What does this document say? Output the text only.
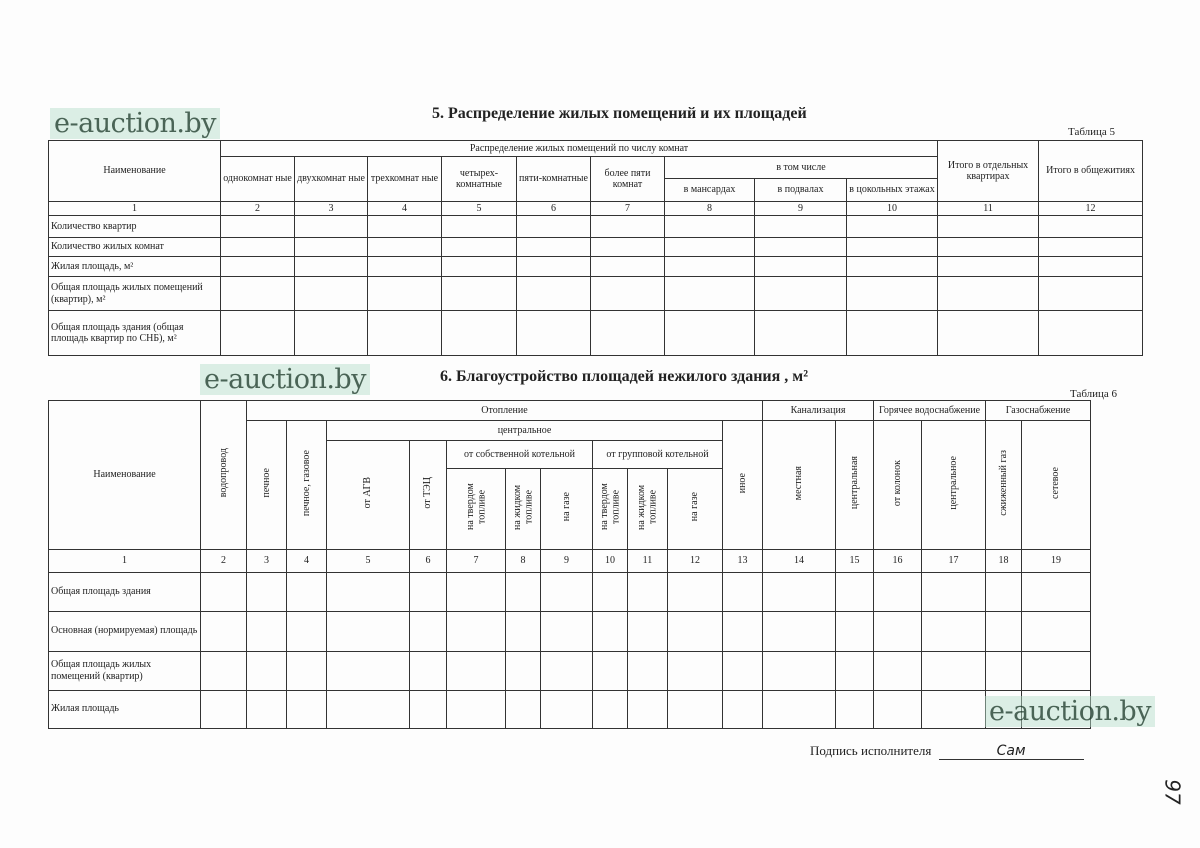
5. Распределение жилых помещений и их площадей
Таблица 5
Наименование	Распределение жилых помещений по числу комнат									Итого в отдельных квартирах	Итого в общежитиях
	однокомнат ные	двухкомнат ные	трехкомнат ные	четырех-комнатные	пяти-комнатные	более пяти комнат	в том числе				
							в мансардах	в подвалах	в цокольных этажах		
1	2	3	4	5	6	7	8	9	10	11	12
Количество квартир											
Количество жилых комнат											
Жилая площадь, м²											
Общая площадь жилых помещений (квартир), м²											
Общая площадь здания (общая площадь квартир по СНБ), м²											
6. Благоустройство площадей нежилого здания , м²
Таблица 6
Наименование	водопровод	Отопление											Канализация		Горячее водоснабжение		Газоснабжение	
		печное	печное, газовое	центральное								иное	местная	центральная	от колонок	центральное	сжиженный газ	сетевое
				от АГВ	от ТЭЦ	от собственной котельной			от групповой котельной									
						на твердом топливе	на жидком топливе	на газе	на твердом топливе	на жидком топливе	на газе							

1	2	3	4	5	6	7	8	9	10	11	12	13	14	15	16	17	18	19
Общая площадь здания																		
Основная (нормируемая) площадь																		
Общая площадь жилых помещений (квартир)																		
Жилая площадь																		
e-auction.by
e-auction.by
e-auction.by
Подпись исполнителя	Сам
97
